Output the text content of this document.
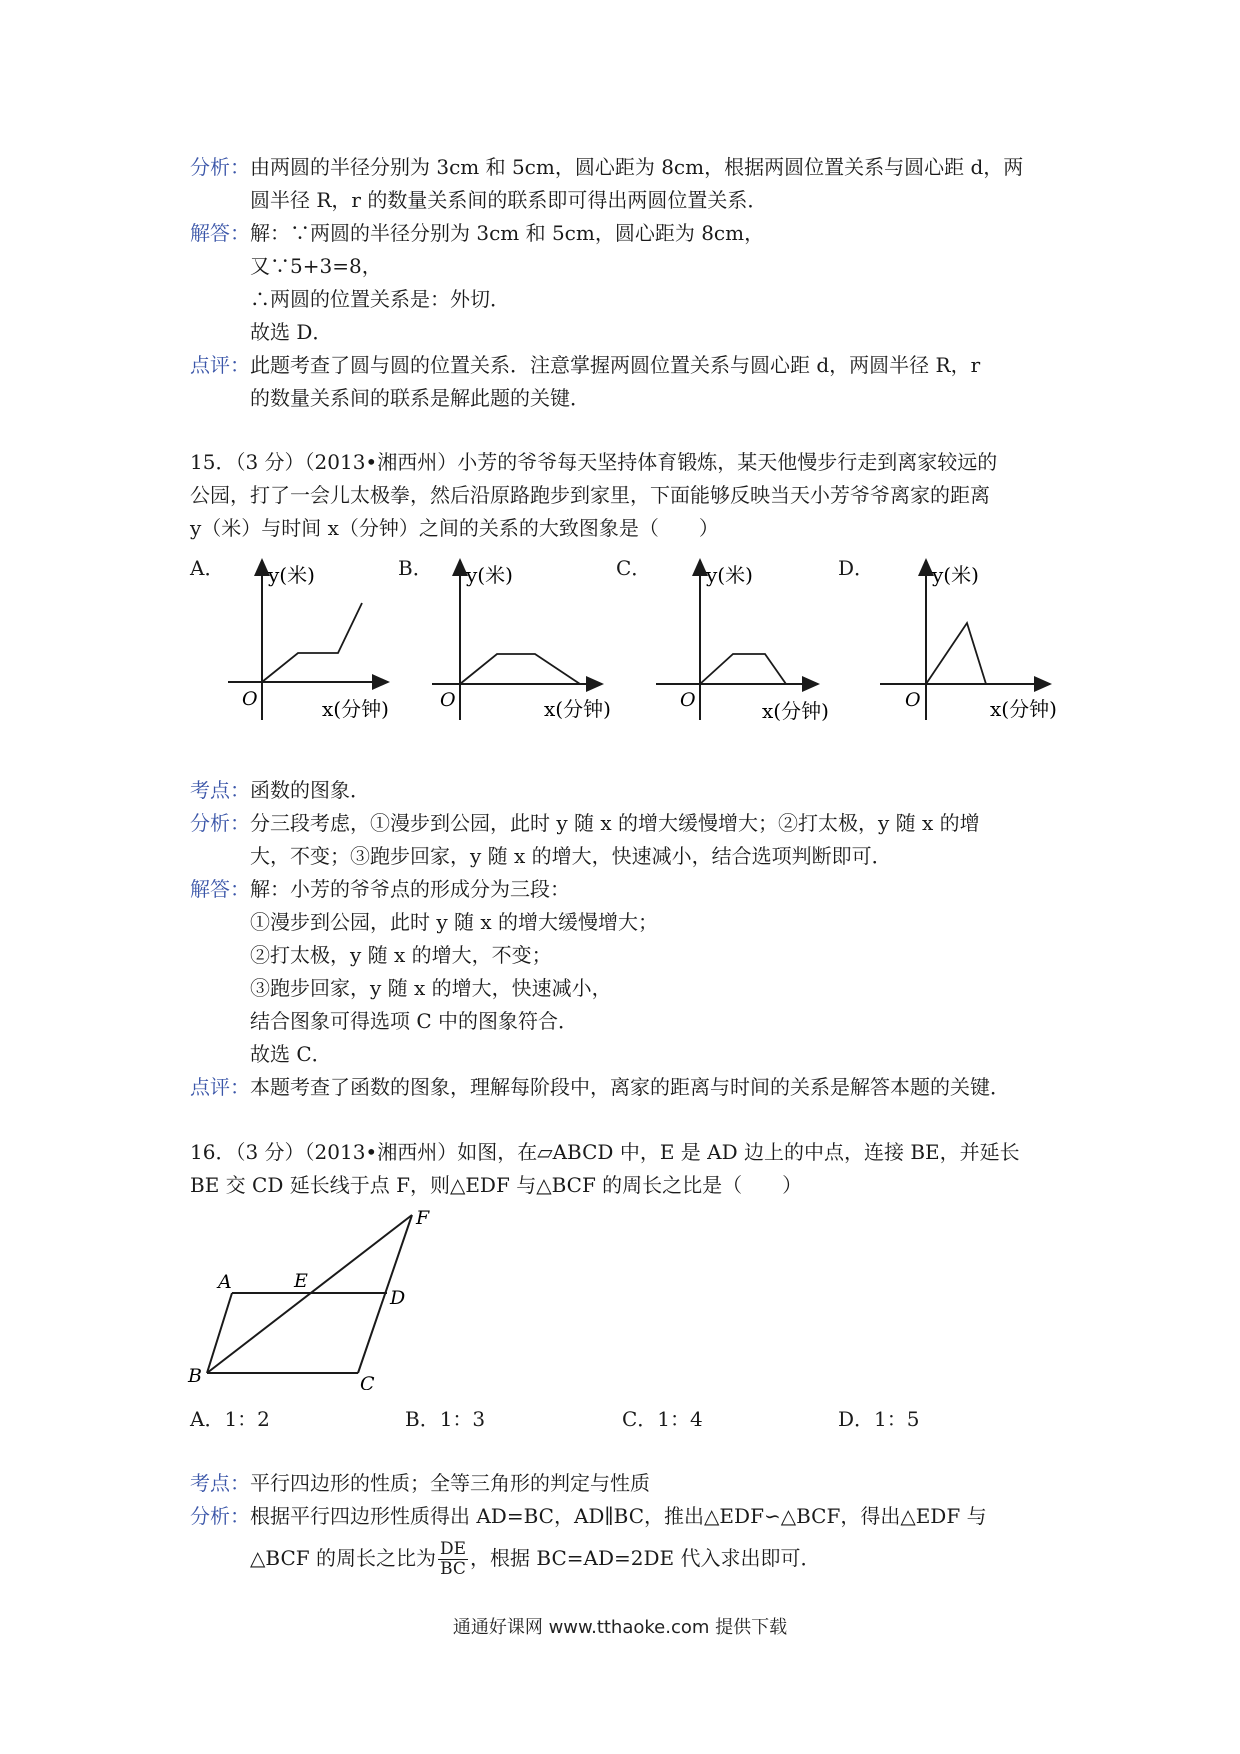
分析：由两圆的半径分别为 3cm 和 5cm，圆心距为 8cm，根据两圆位置关系与圆心距 d，两
圆半径 R，r 的数量关系间的联系即可得出两圆位置关系．
解答：解：∵两圆的半径分别为 3cm 和 5cm，圆心距为 8cm，
又∵5+3=8，
∴两圆的位置关系是：外切．
故选 D．
点评：此题考查了圆与圆的位置关系．注意掌握两圆位置关系与圆心距 d，两圆半径 R，r
的数量关系间的联系是解此题的关键．
15．（3 分）（2013•湘西州）小芳的爷爷每天坚持体育锻炼，某天他慢步行走到离家较远的
公园，打了一会儿太极拳，然后沿原路跑步到家里，下面能够反映当天小芳爷爷离家的距离
y（米）与时间 x（分钟）之间的关系的大致图象是（　　）
A．	B．	C．	D．
O
y(米)
x(分钟)	O
y(米)
x(分钟)	O
y(米)
x(分钟)	O
y(米)
x(分钟)
考点：函数的图象．
分析：分三段考虑，①漫步到公园，此时 y 随 x 的增大缓慢增大；②打太极，y 随 x 的增
大，不变；③跑步回家，y 随 x 的增大，快速减小，结合选项判断即可．
解答：解：小芳的爷爷点的形成分为三段：
①漫步到公园，此时 y 随 x 的增大缓慢增大；
②打太极，y 随 x 的增大，不变；
③跑步回家，y 随 x 的增大，快速减小，
结合图象可得选项 C 中的图象符合．
故选 C．
点评：本题考查了函数的图象，理解每阶段中，离家的距离与时间的关系是解答本题的关键．
16．（3 分）（2013•湘西州）如图，在▱ABCD 中，E 是 AD 边上的中点，连接 BE，并延长
BE 交 CD 延长线于点 F，则△EDF 与△BCF 的周长之比是（　　）
A	E
D
F
B	C
A．1：2	B．1：3	C．1：4	D．1：5
考点：平行四边形的性质；全等三角形的判定与性质
分析：根据平行四边形性质得出 AD=BC，AD∥BC，推出△EDF∽△BCF，得出△EDF 与
△BCF 的周长之比为 $\frac{DE}{BC}$ ，根据 BC=AD=2DE 代入求出即可．
通通好课网 www.tthaoke.com 提供下载
